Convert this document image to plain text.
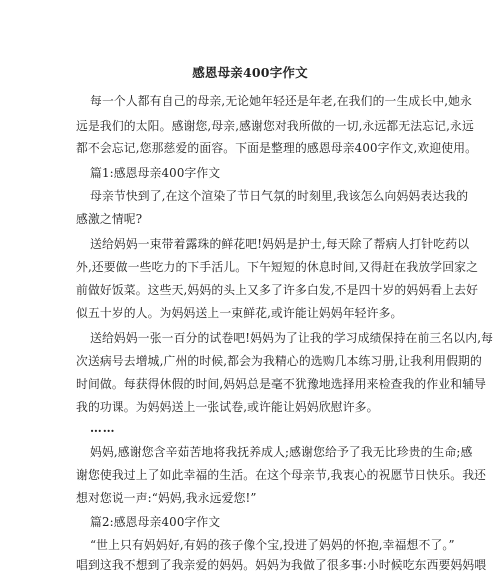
感恩母亲400字作文
每一个人都有自己的母亲,无论她年轻还是年老,在我们的一生成长中,她永
远是我们的太阳。感谢您,母亲,感谢您对我所做的一切,永远都无法忘记,永远
都不会忘记,您那慈爱的面容。下面是整理的感恩母亲400字作文,欢迎使用。
篇1:感恩母亲400字作文
母亲节快到了,在这个渲染了节日气氛的时刻里,我该怎么向妈妈表达我的
感激之情呢?
送给妈妈一束带着露珠的鲜花吧!妈妈是护士,每天除了帮病人打针吃药以
外,还要做一些吃力的下手活儿。下午短短的休息时间,又得赶在我放学回家之
前做好饭菜。这些天,妈妈的头上又多了许多白发,不是四十岁的妈妈看上去好
似五十岁的人。为妈妈送上一束鲜花,或许能让妈妈年轻许多。
送给妈妈一张一百分的试卷吧!妈妈为了让我的学习成绩保持在前三名以内,每
次送病号去增城,广州的时候,都会为我精心的选购几本练习册,让我利用假期的
时间做。每获得休假的时间,妈妈总是毫不犹豫地选择用来检查我的作业和辅导
我的功课。为妈妈送上一张试卷,或许能让妈妈欣慰许多。
……
妈妈,感谢您含辛茹苦地将我抚养成人;感谢您给予了我无比珍贵的生命;感
谢您使我过上了如此幸福的生活。在这个母亲节,我衷心的祝愿节日快乐。我还
想对您说一声:“妈妈,我永远爱您!”
篇2:感恩母亲400字作文
“世上只有妈妈好,有妈的孩子像个宝,投进了妈妈的怀抱,幸福想不了。”
唱到这我不想到了我亲爱的妈妈。妈妈为我做了很多事:小时候吃东西要妈妈喂
